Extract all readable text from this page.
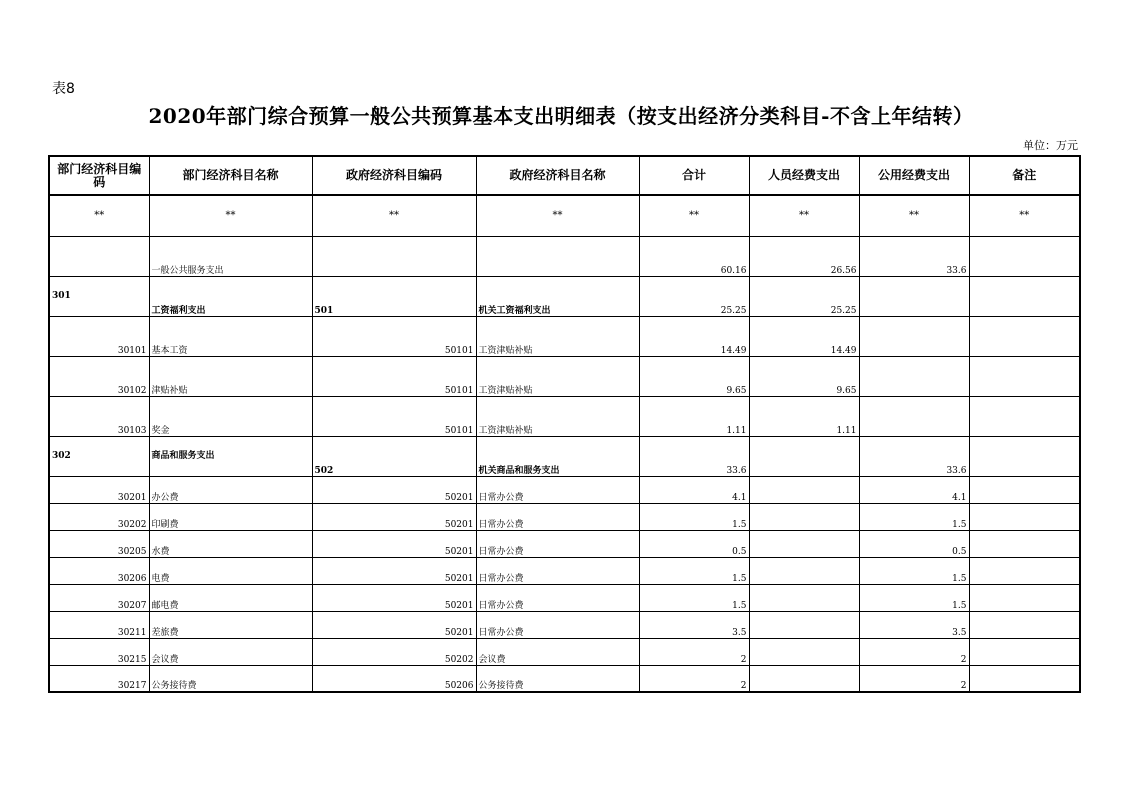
表8
2020年部门综合预算一般公共预算基本支出明细表（按支出经济分类科目-不含上年结转）
单位：万元
部门经济科目编码	部门经济科目名称	政府经济科目编码	政府经济科目名称	合计	人员经费支出	公用经费支出	备注
**	**	**	**	**	**	**	**
	一般公共服务支出			60.16	26.56	33.6	
301	工资福利支出	501	机关工资福利支出	25.25	25.25		
30101	基本工资	50101	工资津贴补贴	14.49	14.49		
30102	津贴补贴	50101	工资津贴补贴	9.65	9.65		
30103	奖金	50101	工资津贴补贴	1.11	1.11		
302	商品和服务支出	502	机关商品和服务支出	33.6		33.6	
30201	办公费	50201	日常办公费	4.1		4.1	
30202	印刷费	50201	日常办公费	1.5		1.5	
30205	水费	50201	日常办公费	0.5		0.5	
30206	电费	50201	日常办公费	1.5		1.5	
30207	邮电费	50201	日常办公费	1.5		1.5	
30211	差旅费	50201	日常办公费	3.5		3.5	
30215	会议费	50202	会议费	2		2	
30217	公务接待费	50206	公务接待费	2		2	
